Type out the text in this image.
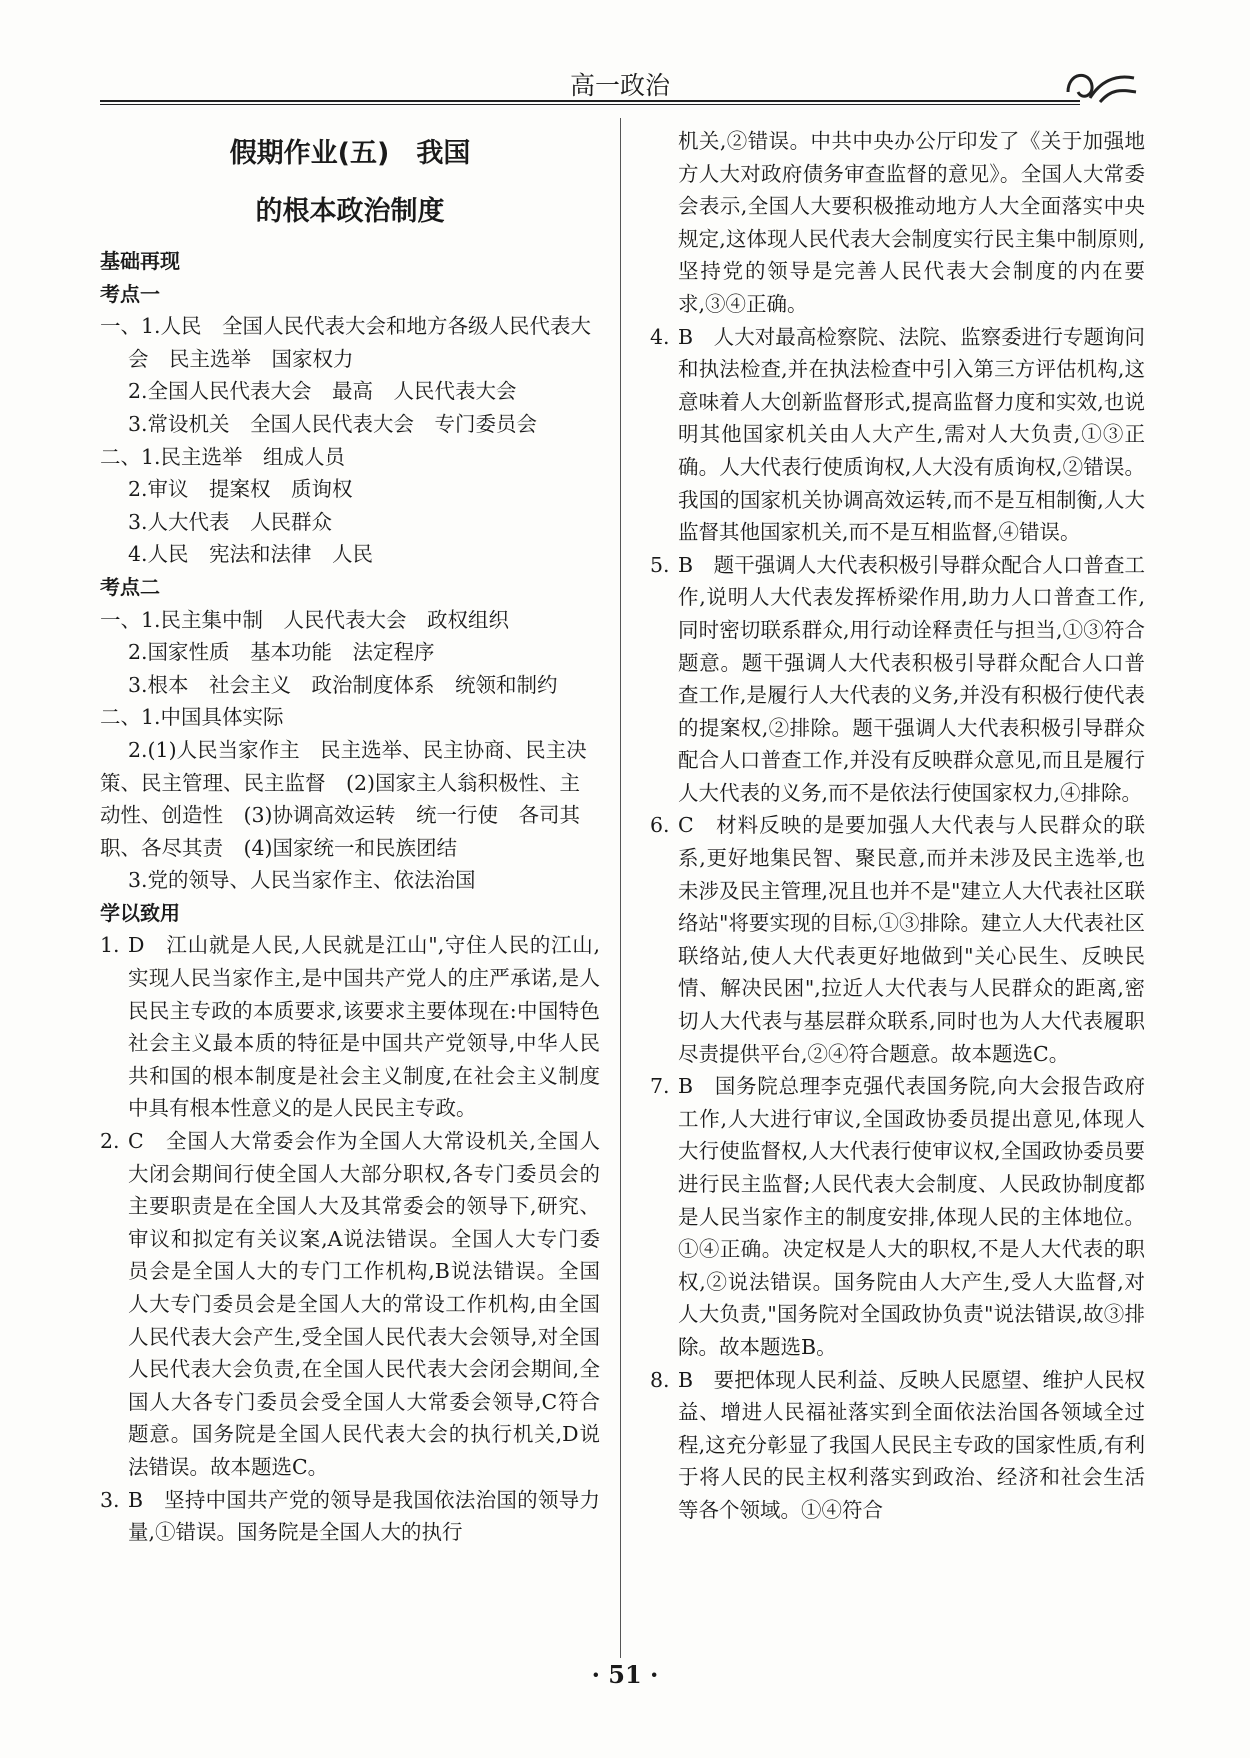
高一政治
假期作业(五)　我国
的根本政治制度
基础再现
考点一
一、1.人民　全国人民代表大会和地方各级人民代表大会　民主选举　国家权力
2.全国人民代表大会　最高　人民代表大会
3.常设机关　全国人民代表大会　专门委员会
二、1.民主选举　组成人员
2.审议　提案权　质询权
3.人大代表　人民群众
4.人民　宪法和法律　人民
考点二
一、1.民主集中制　人民代表大会　政权组织
2.国家性质　基本功能　法定程序
3.根本　社会主义　政治制度体系　统领和制约
二、1.中国具体实际
2.(1)人民当家作主　民主选举、民主协商、民主决策、民主管理、民主监督　(2)国家主人翁积极性、主动性、创造性　(3)协调高效运转　统一行使　各司其职、各尽其责　(4)国家统一和民族团结
3.党的领导、人民当家作主、依法治国
学以致用
1. D　江山就是人民,人民就是江山",守住人民的江山,实现人民当家作主,是中国共产党人的庄严承诺,是人民民主专政的本质要求,该要求主要体现在:中国特色社会主义最本质的特征是中国共产党领导,中华人民共和国的根本制度是社会主义制度,在社会主义制度中具有根本性意义的是人民民主专政。
2. C　全国人大常委会作为全国人大常设机关,全国人大闭会期间行使全国人大部分职权,各专门委员会的主要职责是在全国人大及其常委会的领导下,研究、审议和拟定有关议案,A说法错误。全国人大专门委员会是全国人大的专门工作机构,B说法错误。全国人大专门委员会是全国人大的常设工作机构,由全国人民代表大会产生,受全国人民代表大会领导,对全国人民代表大会负责,在全国人民代表大会闭会期间,全国人大各专门委员会受全国人大常委会领导,C符合题意。国务院是全国人民代表大会的执行机关,D说法错误。故本题选C。
3. B　坚持中国共产党的领导是我国依法治国的领导力量,①错误。国务院是全国人大的执行
机关,②错误。中共中央办公厅印发了《关于加强地方人大对政府债务审查监督的意见》。全国人大常委会表示,全国人大要积极推动地方人大全面落实中央规定,这体现人民代表大会制度实行民主集中制原则,坚持党的领导是完善人民代表大会制度的内在要求,③④正确。
4. B　人大对最高检察院、法院、监察委进行专题询问和执法检查,并在执法检查中引入第三方评估机构,这意味着人大创新监督形式,提高监督力度和实效,也说明其他国家机关由人大产生,需对人大负责,①③正确。人大代表行使质询权,人大没有质询权,②错误。我国的国家机关协调高效运转,而不是互相制衡,人大监督其他国家机关,而不是互相监督,④错误。
5. B　题干强调人大代表积极引导群众配合人口普查工作,说明人大代表发挥桥梁作用,助力人口普查工作,同时密切联系群众,用行动诠释责任与担当,①③符合题意。题干强调人大代表积极引导群众配合人口普查工作,是履行人大代表的义务,并没有积极行使代表的提案权,②排除。题干强调人大代表积极引导群众配合人口普查工作,并没有反映群众意见,而且是履行人大代表的义务,而不是依法行使国家权力,④排除。
6. C　材料反映的是要加强人大代表与人民群众的联系,更好地集民智、聚民意,而并未涉及民主选举,也未涉及民主管理,况且也并不是"建立人大代表社区联络站"将要实现的目标,①③排除。建立人大代表社区联络站,使人大代表更好地做到"关心民生、反映民情、解决民困",拉近人大代表与人民群众的距离,密切人大代表与基层群众联系,同时也为人大代表履职尽责提供平台,②④符合题意。故本题选C。
7. B　国务院总理李克强代表国务院,向大会报告政府工作,人大进行审议,全国政协委员提出意见,体现人大行使监督权,人大代表行使审议权,全国政协委员要进行民主监督;人民代表大会制度、人民政协制度都是人民当家作主的制度安排,体现人民的主体地位。①④正确。决定权是人大的职权,不是人大代表的职权,②说法错误。国务院由人大产生,受人大监督,对人大负责,"国务院对全国政协负责"说法错误,故③排除。故本题选B。
8. B　要把体现人民利益、反映人民愿望、维护人民权益、增进人民福祉落实到全面依法治国各领域全过程,这充分彰显了我国人民民主专政的国家性质,有利于将人民的民主权利落实到政治、经济和社会生活等各个领域。①④符合
· 51 ·
